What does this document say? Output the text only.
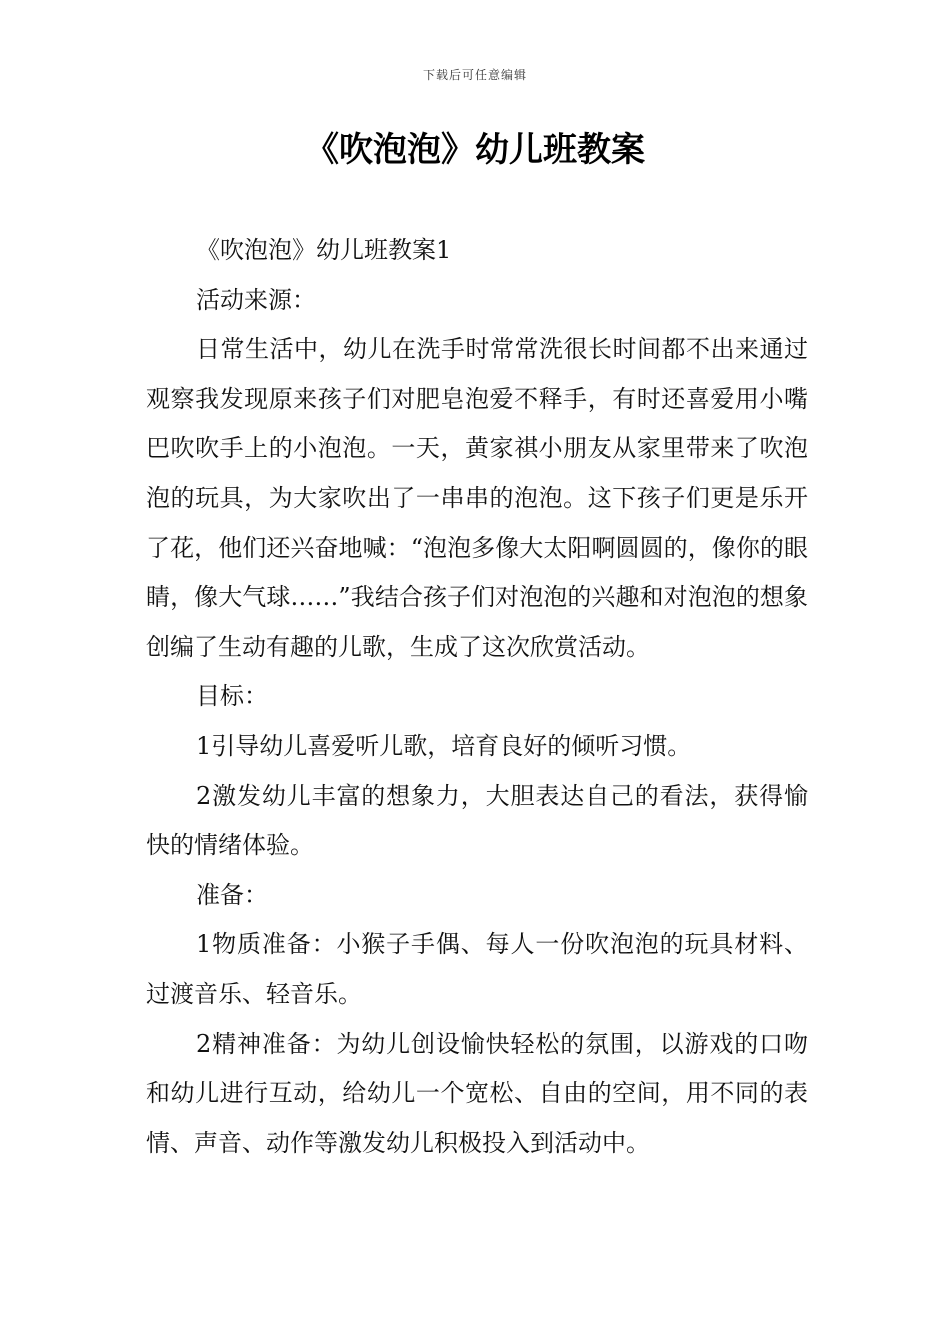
下载后可任意编辑
《吹泡泡》幼儿班教案

《吹泡泡》幼儿班教案1

活动来源：

日常生活中，幼儿在洗手时常常洗很长时间都不出来通过观察我发现原来孩子们对肥皂泡爱不释手，有时还喜爱用小嘴巴吹吹手上的小泡泡。一天，黄家祺小朋友从家里带来了吹泡泡的玩具，为大家吹出了一串串的泡泡。这下孩子们更是乐开了花，他们还兴奋地喊：“泡泡多像大太阳啊圆圆的，像你的眼睛，像大气球……”我结合孩子们对泡泡的兴趣和对泡泡的想象创编了生动有趣的儿歌，生成了这次欣赏活动。

目标：

1引导幼儿喜爱听儿歌，培育良好的倾听习惯。

2激发幼儿丰富的想象力，大胆表达自己的看法，获得愉快的情绪体验。

准备：

1物质准备：小猴子手偶、每人一份吹泡泡的玩具材料、过渡音乐、轻音乐。

2精神准备：为幼儿创设愉快轻松的氛围，以游戏的口吻和幼儿进行互动，给幼儿一个宽松、自由的空间，用不同的表情、声音、动作等激发幼儿积极投入到活动中。
